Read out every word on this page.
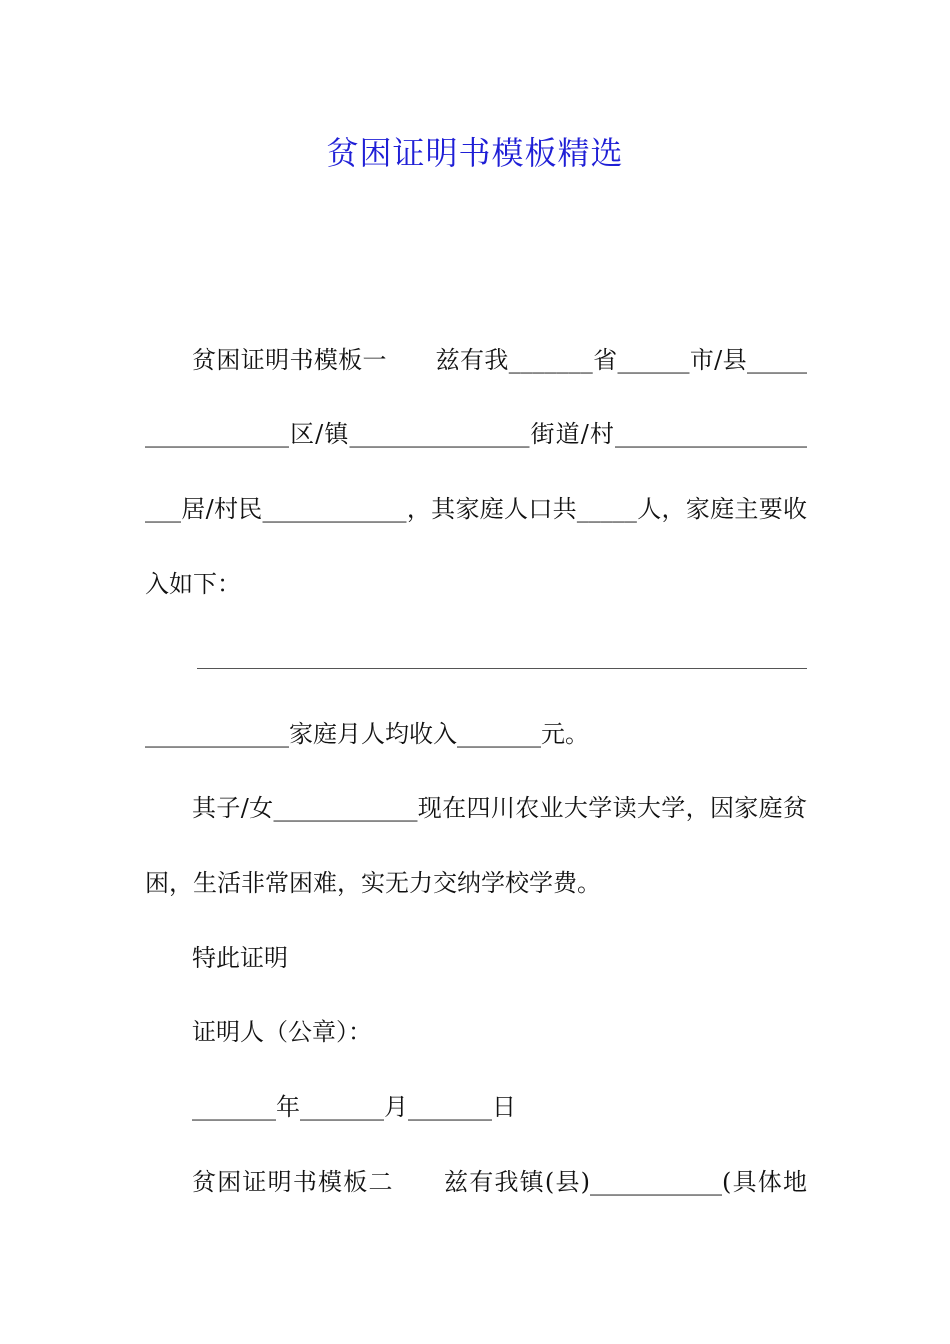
贫困证明书模板精选
贫困证明书模板一　　兹有我_______省______市/县_____
____________区/镇_______________街道/村________________
___居/村民____________，其家庭人口共_____人，家庭主要收
入如下：
____________家庭月人均收入_______元。
其子/女____________现在四川农业大学读大学，因家庭贫
困，生活非常困难，实无力交纳学校学费。
特此证明
证明人（公章）：
_______年_______月_______日
贫困证明书模板二　　兹有我镇(县)___________(具体地
